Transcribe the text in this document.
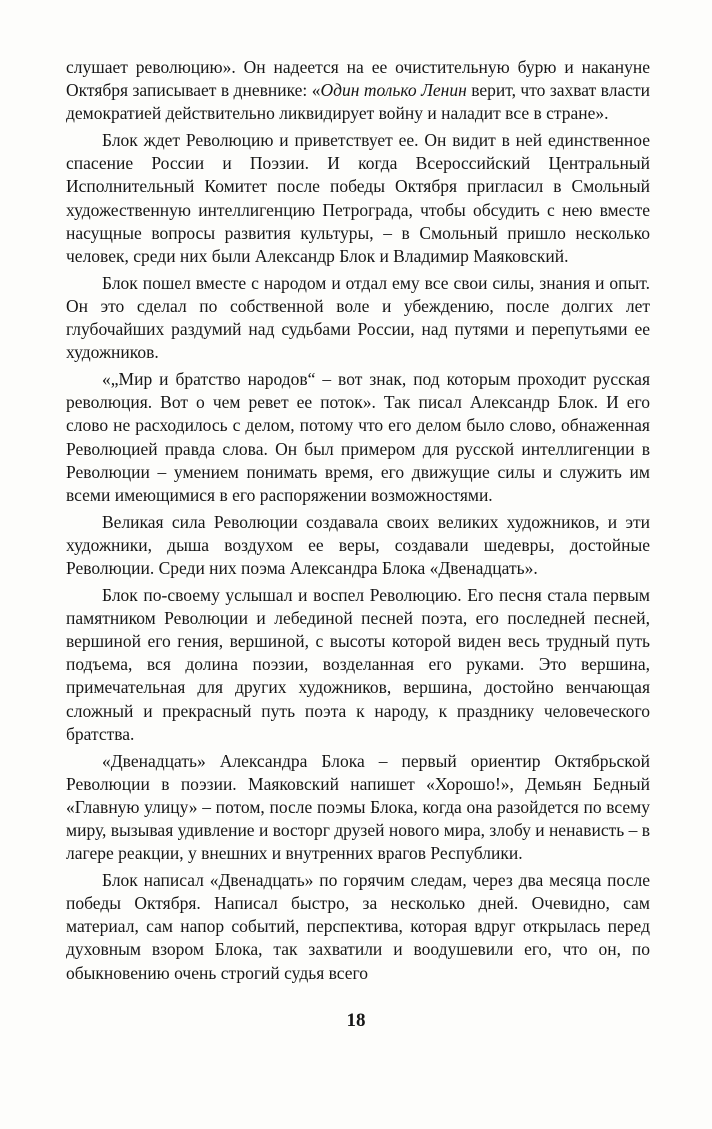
слушает революцию». Он надеется на ее очистительную бурю и накануне Октября записывает в дневнике: «Один только Ленин верит, что захват власти демократией действительно ликвидирует войну и наладит все в стране».

Блок ждет Революцию и приветствует ее. Он видит в ней единственное спасение России и Поэзии. И когда Всероссийский Центральный Исполнительный Комитет после победы Октября пригласил в Смольный художественную интеллигенцию Петрограда, чтобы обсудить с нею вместе насущные вопросы развития культуры, – в Смольный пришло несколько человек, среди них были Александр Блок и Владимир Маяковский.

Блок пошел вместе с народом и отдал ему все свои силы, знания и опыт. Он это сделал по собственной воле и убеждению, после долгих лет глубочайших раздумий над судьбами России, над путями и перепутьями ее художников.

«„Мир и братство народов“ – вот знак, под которым проходит русская революция. Вот о чем ревет ее поток». Так писал Александр Блок. И его слово не расходилось с делом, потому что его делом было слово, обнаженная Революцией правда слова. Он был примером для русской интеллигенции в Революции – умением понимать время, его движущие силы и служить им всеми имеющимися в его распоряжении возможностями.

Великая сила Революции создавала своих великих художников, и эти художники, дыша воздухом ее веры, создавали шедевры, достойные Революции. Среди них поэма Александра Блока «Двенадцать».

Блок по-своему услышал и воспел Революцию. Его песня стала первым памятником Революции и лебединой песней поэта, его последней песней, вершиной его гения, вершиной, с высоты которой виден весь трудный путь подъема, вся долина поэзии, возделанная его руками. Это вершина, примечательная для других художников, вершина, достойно венчающая сложный и прекрасный путь поэта к народу, к празднику человеческого братства.

«Двенадцать» Александра Блока – первый ориентир Октябрьской Революции в поэзии. Маяковский напишет «Хорошо!», Демьян Бедный «Главную улицу» – потом, после поэмы Блока, когда она разойдется по всему миру, вызывая удивление и восторг друзей нового мира, злобу и ненависть – в лагере реакции, у внешних и внутренних врагов Республики.

Блок написал «Двенадцать» по горячим следам, через два месяца после победы Октября. Написал быстро, за несколько дней. Очевидно, сам материал, сам напор событий, перспектива, которая вдруг открылась перед духовным взором Блока, так захватили и воодушевили его, что он, по обыкновению очень строгий судья всего

18
